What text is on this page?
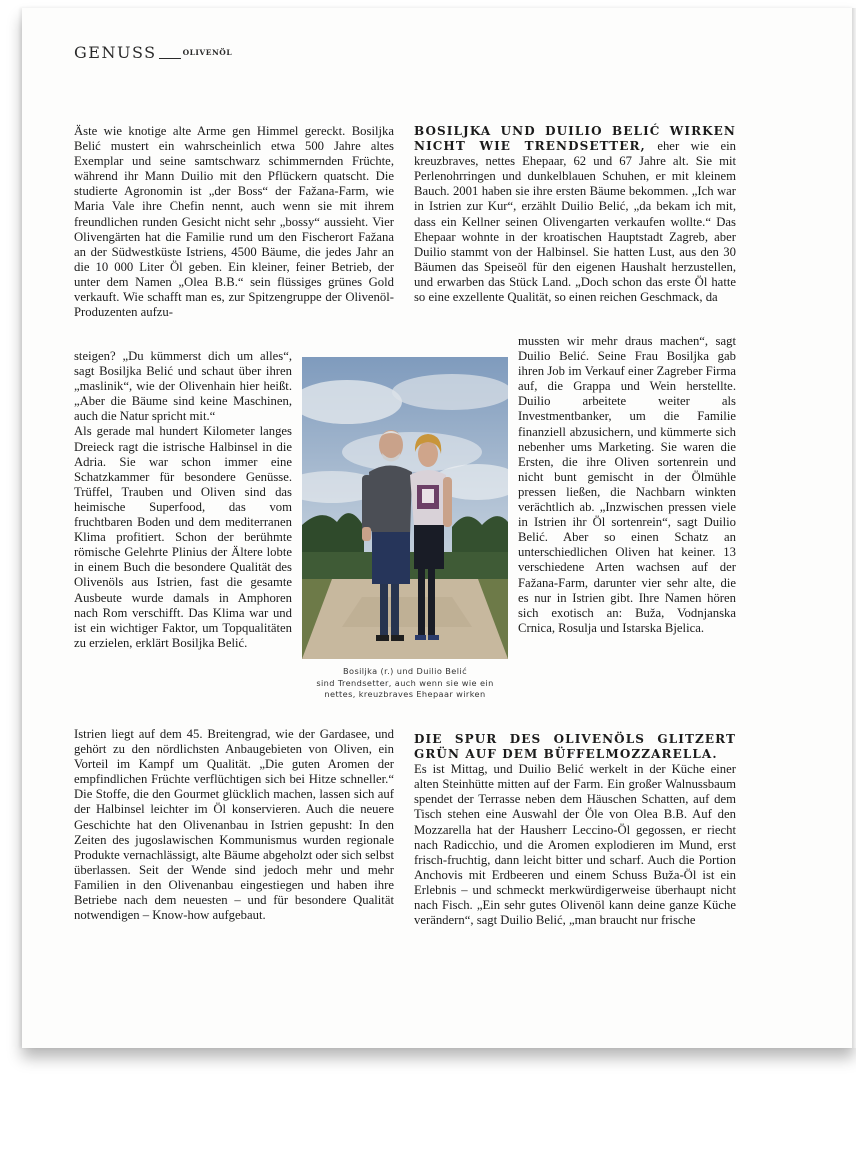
GENUSS	OLIVENÖL

Äste wie knotige alte Arme gen Himmel gereckt. Bosiljka Belić mustert ein wahrscheinlich etwa 500 Jahre altes Exemplar und seine samtschwarz schimmernden Früchte, während ihr Mann Duilio mit den Pflückern quatscht. Die studierte Agronomin ist „der Boss“ der Fažana-Farm, wie Maria Vale ihre Chefin nennt, auch wenn sie mit ihrem freundlichen runden Gesicht nicht sehr „bossy“ aussieht. Vier Olivengärten hat die Familie rund um den Fischerort Fažana an der Südwestküste Istriens, 4500 Bäume, die jedes Jahr an die 10 000 Liter Öl geben. Ein kleiner, feiner Betrieb, der unter dem Namen „Olea B.B.“ sein flüssiges grünes Gold verkauft. Wie schafft man es, zur Spitzengruppe der Olivenöl-Produzenten aufzu-

steigen? „Du kümmerst dich um alles“, sagt Bosiljka Belić und schaut über ihren „maslinik“, wie der Olivenhain hier heißt. „Aber die Bäume sind keine Maschinen, auch die Natur spricht mit.“

Als gerade mal hundert Kilometer langes Dreieck ragt die istrische Halbinsel in die Adria. Sie war schon immer eine Schatzkammer für besondere Genüsse. Trüffel, Trauben und Oliven sind das heimische Superfood, das vom fruchtbaren Boden und dem mediterranen Klima profitiert. Schon der berühmte römische Gelehrte Plinius der Ältere lobte in einem Buch die besondere Qualität des Olivenöls aus Istrien, fast die gesamte Ausbeute wurde damals in Amphoren nach Rom verschifft. Das Klima war und ist ein wichtiger Faktor, um Topqualitäten zu erzielen, erklärt Bosiljka Belić.

Istrien liegt auf dem 45. Breitengrad, wie der Gardasee, und gehört zu den nördlichsten Anbaugebieten von Oliven, ein Vorteil im Kampf um Qualität. „Die guten Aromen der empfindlichen Früchte verflüchtigen sich bei Hitze schneller.“ Die Stoffe, die den Gourmet glücklich machen, lassen sich auf der Halbinsel leichter im Öl konservieren. Auch die neuere Geschichte hat den Olivenanbau in Istrien gepusht: In den Zeiten des jugoslawischen Kommunismus wurden regionale Produkte vernachlässigt, alte Bäume abgeholzt oder sich selbst überlassen. Seit der Wende sind jedoch mehr und mehr Familien in den Olivenanbau eingestiegen und haben ihre Betriebe nach dem neuesten – und für besondere Qualität notwendigen – Know-how aufgebaut.

BOSILJKA UND DUILIO BELIĆ WIRKEN NICHT WIE TRENDSETTER, eher wie ein kreuzbraves, nettes Ehepaar, 62 und 67 Jahre alt. Sie mit Perlenohrringen und dunkelblauen Schuhen, er mit kleinem Bauch. 2001 haben sie ihre ersten Bäume bekommen. „Ich war in Istrien zur Kur“, erzählt Duilio Belić, „da bekam ich mit, dass ein Kellner seinen Olivengarten verkaufen wollte.“ Das Ehepaar wohnte in der kroatischen Hauptstadt Zagreb, aber Duilio stammt von der Halbinsel. Sie hatten Lust, aus den 30 Bäumen das Speiseöl für den eigenen Haushalt herzustellen, und erwarben das Stück Land. „Doch schon das erste Öl hatte so eine exzellente Qualität, so einen reichen Geschmack, da

mussten wir mehr draus machen“, sagt Duilio Belić. Seine Frau Bosiljka gab ihren Job im Verkauf einer Zagreber Firma auf, die Grappa und Wein herstellte. Duilio arbeitete weiter als Investmentbanker, um die Familie finanziell abzusichern, und kümmerte sich nebenher ums Marketing. Sie waren die Ersten, die ihre Oliven sortenrein und nicht bunt gemischt in der Ölmühle pressen ließen, die Nachbarn winkten verächtlich ab. „Inzwischen pressen viele in Istrien ihr Öl sortenrein“, sagt Duilio Belić. Aber so einen Schatz an unterschiedlichen Oliven hat keiner. 13 verschiedene Arten wachsen auf der Fažana-Farm, darunter vier sehr alte, die es nur in Istrien gibt. Ihre Namen hören sich exotisch an: Buža, Vodnjanska Crnica, Rosulja und Istarska Bjelica.

DIE SPUR DES OLIVENÖLS GLITZERT GRÜN AUF DEM BÜFFELMOZZARELLA.

Es ist Mittag, und Duilio Belić werkelt in der Küche einer alten Steinhütte mitten auf der Farm. Ein großer Walnussbaum spendet der Terrasse neben dem Häuschen Schatten, auf dem Tisch stehen eine Auswahl der Öle von Olea B.B. Auf den Mozzarella hat der Hausherr Leccino-Öl gegossen, er riecht nach Radicchio, und die Aromen explodieren im Mund, erst frisch-fruchtig, dann leicht bitter und scharf. Auch die Portion Anchovis mit Erdbeeren und einem Schuss Buža-Öl ist ein Erlebnis – und schmeckt merkwürdigerweise überhaupt nicht nach Fisch. „Ein sehr gutes Olivenöl kann deine ganze Küche verändern“, sagt Duilio Belić, „man braucht nur frische

Bosiljka (r.) und Duilio Belić
sind Trendsetter, auch wenn sie wie ein
nettes, kreuzbraves Ehepaar wirken
